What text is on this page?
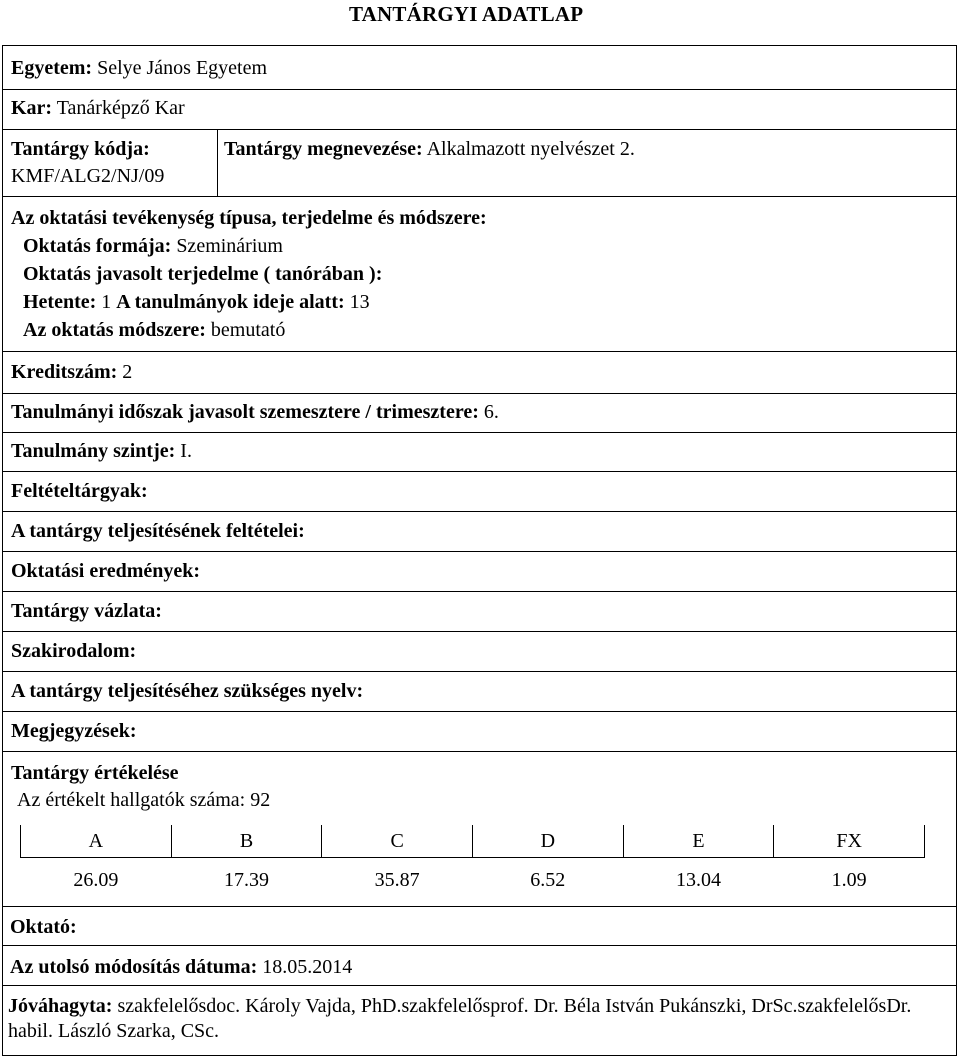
TANTÁRGYI ADATLAP
Egyetem: Selye János Egyetem
Kar: Tanárképző Kar
Tantárgy kódja:
KMF/ALG2/NJ/09
Tantárgy megnevezése: Alkalmazott nyelvészet 2.
Az oktatási tevékenység típusa, terjedelme és módszere:
Oktatás formája: Szeminárium
Oktatás javasolt terjedelme ( tanórában ):
Hetente: 1 A tanulmányok ideje alatt: 13
Az oktatás módszere: bemutató
Kreditszám: 2
Tanulmányi időszak javasolt szemesztere / trimesztere: 6.
Tanulmány szintje: I.
Feltételtárgyak:
A tantárgy teljesítésének feltételei:
Oktatási eredmények:
Tantárgy vázlata:
Szakirodalom:
A tantárgy teljesítéséhez szükséges nyelv:
Megjegyzések:
Tantárgy értékelése
Az értékelt hallgatók száma: 92
A	B	C	D	E	FX
26.09	17.39	35.87	6.52	13.04	1.09
Oktató:
Az utolsó módosítás dátuma: 18.05.2014
Jóváhagyta: szakfelelősdoc. Károly Vajda, PhD.szakfelelősprof. Dr. Béla István Pukánszki, DrSc.szakfelelősDr. habil. László Szarka, CSc.
